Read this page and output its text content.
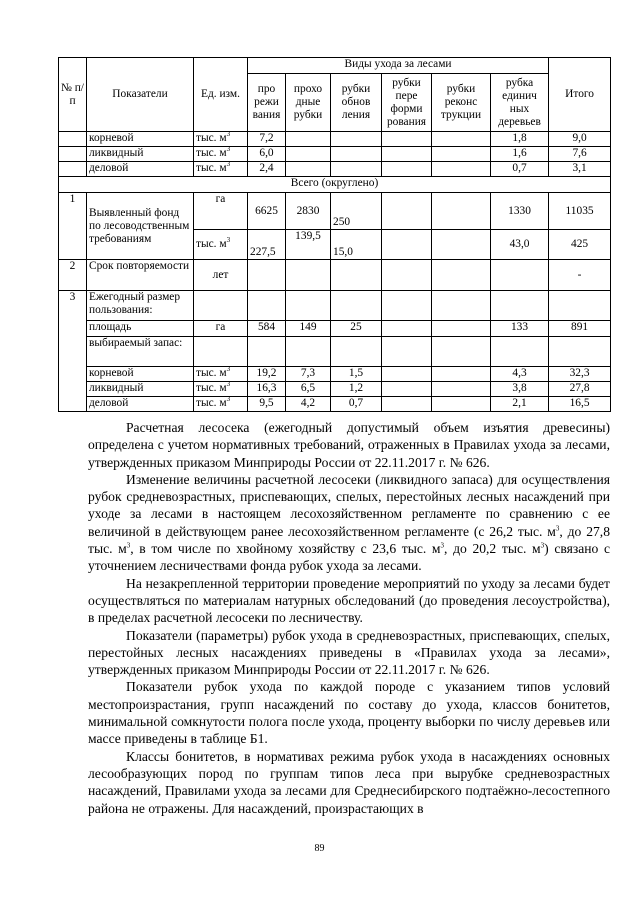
№ п/п	Показатели	Ед. изм.	Виды ухода за лесами						Итого
			про режи вания	прохо дные рубки	рубки обнов ления	рубки пере форми рования	рубки реконс трукции	рубка единич ных деревьев	
	корневой	тыс. $м^3$	7,2					1,8	9,0
	ликвидный	тыс. $м^3$	6,0					1,6	7,6
	деловой	тыс. $м^3$	2,4					0,7	3,1
Всего (округлено)									
1	Выявленный фонд по лесоводственным требованиям	га	6625	2830	250			1330	11035
		тыс. $м^3$	227,5	139,5	15,0			43,0	425
2	Срок повторяемости	лет							-
3	Ежегодный размер пользования:								
	площадь	га	584	149	25			133	891
	выбираемый запас:								
	корневой	тыс. $м^3$	19,2	7,3	1,5			4,3	32,3
	ликвидный	тыс. $м^3$	16,3	6,5	1,2			3,8	27,8
	деловой	тыс. $м^3$	9,5	4,2	0,7			2,1	16,5

Расчетная лесосека (ежегодный допустимый объем изъятия древесины) определена с учетом нормативных требований, отраженных в Правилах ухода за лесами, утвержденных приказом Минприроды России от 22.11.2017 г. № 626.

Изменение величины расчетной лесосеки (ликвидного запаса) для осуществления рубок средневозрастных, приспевающих, спелых, перестойных лесных насаждений при уходе за лесами в настоящем лесохозяйственном регламенте по сравнению с ее величиной в действующем ранее лесохозяйственном регламенте (с 26,2 тыс. $м^3$, до 27,8 тыс. $м^3$, в том числе по хвойному хозяйству с 23,6 тыс. $м^3$, до 20,2 тыс. $м^3$) связано с уточнением лесничествами фонда рубок ухода за лесами.

На незакрепленной территории проведение мероприятий по уходу за лесами будет осуществляться по материалам натурных обследований (до проведения лесоустройства), в пределах расчетной лесосеки по лесничеству.

Показатели (параметры) рубок ухода в средневозрастных, приспевающих, спелых, перестойных лесных насаждениях приведены в «Правилах ухода за лесами», утвержденных приказом Минприроды России от 22.11.2017 г. № 626.

Показатели рубок ухода по каждой породе с указанием типов условий местопроизрастания, групп насаждений по составу до ухода, классов бонитетов, минимальной сомкнутости полога после ухода, проценту выборки по числу деревьев или массе приведены в таблице Б1.

Классы бонитетов, в нормативах режима рубок ухода в насаждениях основных лесообразующих пород по группам типов леса при вырубке средневозрастных насаждений, Правилами ухода за лесами для Среднесибирского подтаёжно-лесостепного района не отражены. Для насаждений, произрастающих в

89
